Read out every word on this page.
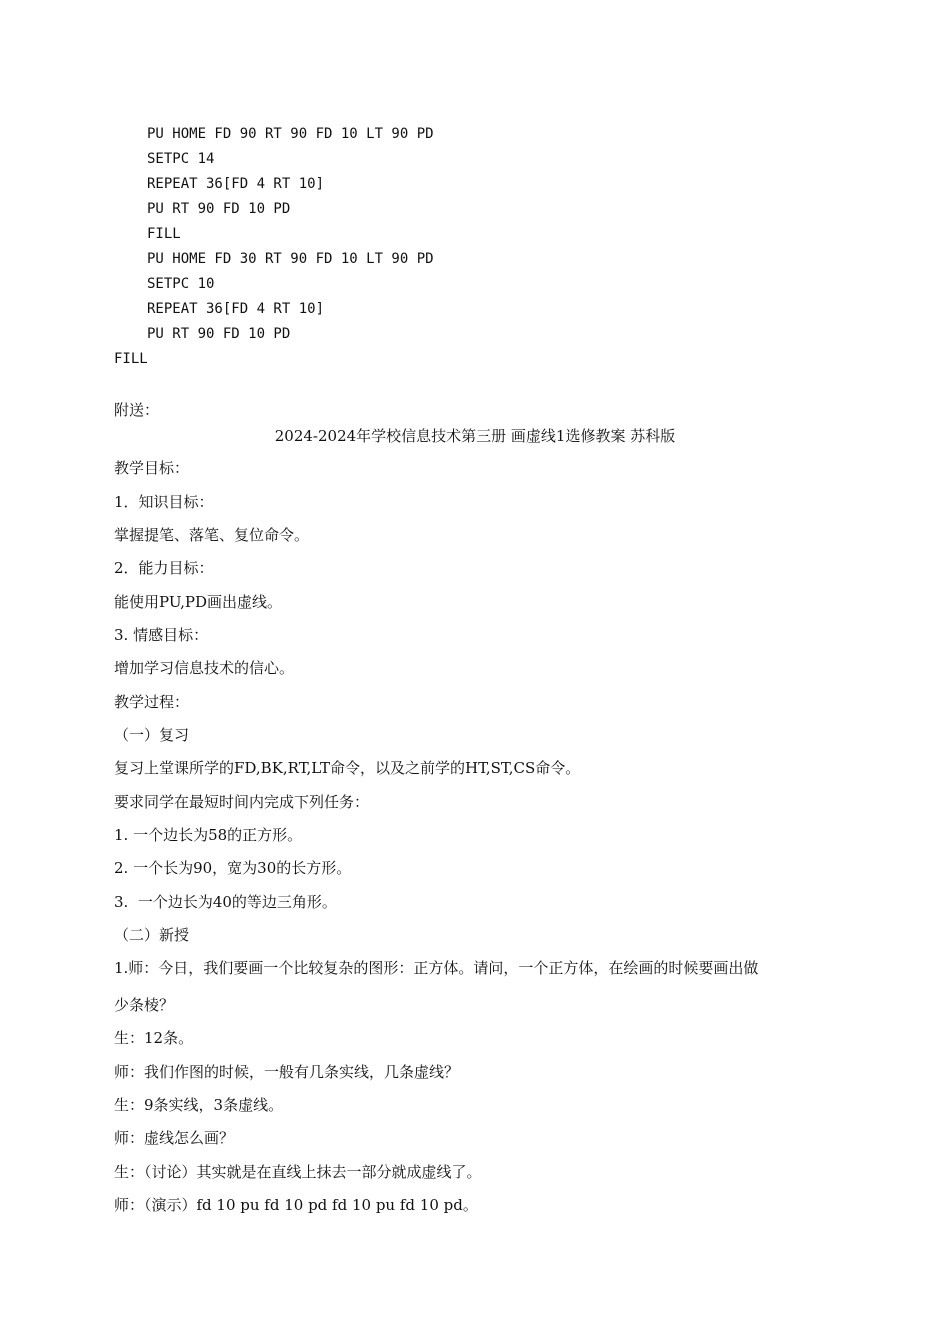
PU HOME FD 90 RT 90 FD 10 LT 90 PD
SETPC 14
REPEAT 36[FD 4 RT 10]
PU RT 90 FD 10 PD
FILL
PU HOME FD 30 RT 90 FD 10 LT 90 PD
SETPC 10
REPEAT 36[FD 4 RT 10]
PU RT 90 FD 10 PD
FILL
附送：
2024-2024年学校信息技术第三册 画虚线1选修教案 苏科版
教学目标：
1．知识目标：
掌握提笔、落笔、复位命令。
2．能力目标：
能使用PU,PD画出虚线。
3. 情感目标：
增加学习信息技术的信心。
教学过程：
（一）复习
复习上堂课所学的FD,BK,RT,LT命令，以及之前学的HT,ST,CS命令。
要求同学在最短时间内完成下列任务：
1. 一个边长为58的正方形。
2. 一个长为90，宽为30的长方形。
3.  一个边长为40的等边三角形。
（二）新授
1.师：今日，我们要画一个比较复杂的图形：正方体。请问，一个正方体，在绘画的时候要画出做
少条棱？
生：12条。
师：我们作图的时候，一般有几条实线，几条虚线？
生：9条实线，3条虚线。
师：虚线怎么画？
生：（讨论）其实就是在直线上抹去一部分就成虚线了。
师：（演示）fd 10 pu fd 10 pd fd 10 pu fd 10 pd。
